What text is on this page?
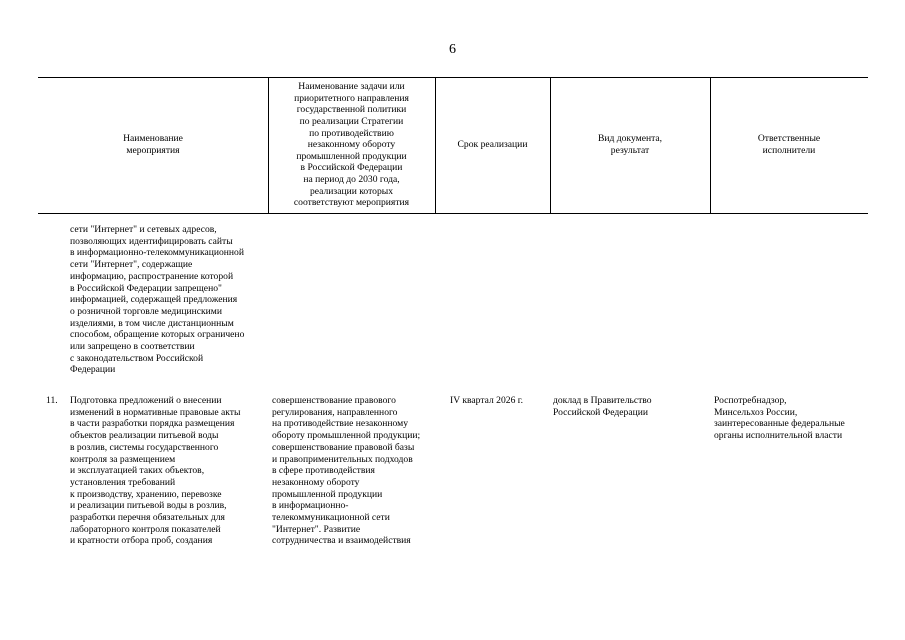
6
Наименование
мероприятия
Наименование задачи или
приоритетного направления
государственной политики
по реализации Стратегии
по противодействию
незаконному обороту
промышленной продукции
в Российской Федерации
на период до 2030 года,
реализации которых
соответствуют мероприятия
Срок реализации
Вид документа,
результат
Ответственные
исполнители
сети "Интернет" и сетевых адресов,
позволяющих идентифицировать сайты
в информационно-телекоммуникационной
сети "Интернет", содержащие
информацию, распространение которой
в Российской Федерации запрещено"
информацией, содержащей предложения
о розничной торговле медицинскими
изделиями, в том числе дистанционным
способом, обращение которых ограничено
или запрещено в соответствии
с законодательством Российской
Федерации
11. Подготовка предложений о внесении
изменений в нормативные правовые акты
в части разработки порядка размещения
объектов реализации питьевой воды
в розлив, системы государственного
контроля за размещением
и эксплуатацией таких объектов,
установления требований
к производству, хранению, перевозке
и реализации питьевой воды в розлив,
разработки перечня обязательных для
лабораторного контроля показателей
и кратности отбора проб, создания
совершенствование правового
регулирования, направленного
на противодействие незаконному
обороту промышленной продукции;
совершенствование правовой базы
и правоприменительных подходов
в сфере противодействия
незаконному обороту
промышленной продукции
в информационно-
телекоммуникационной сети
"Интернет". Развитие
сотрудничества и взаимодействия
IV квартал 2026 г.	доклад в Правительство
Российской Федерации
Роспотребнадзор,
Минсельхоз России,
заинтересованные федеральные
органы исполнительной власти
